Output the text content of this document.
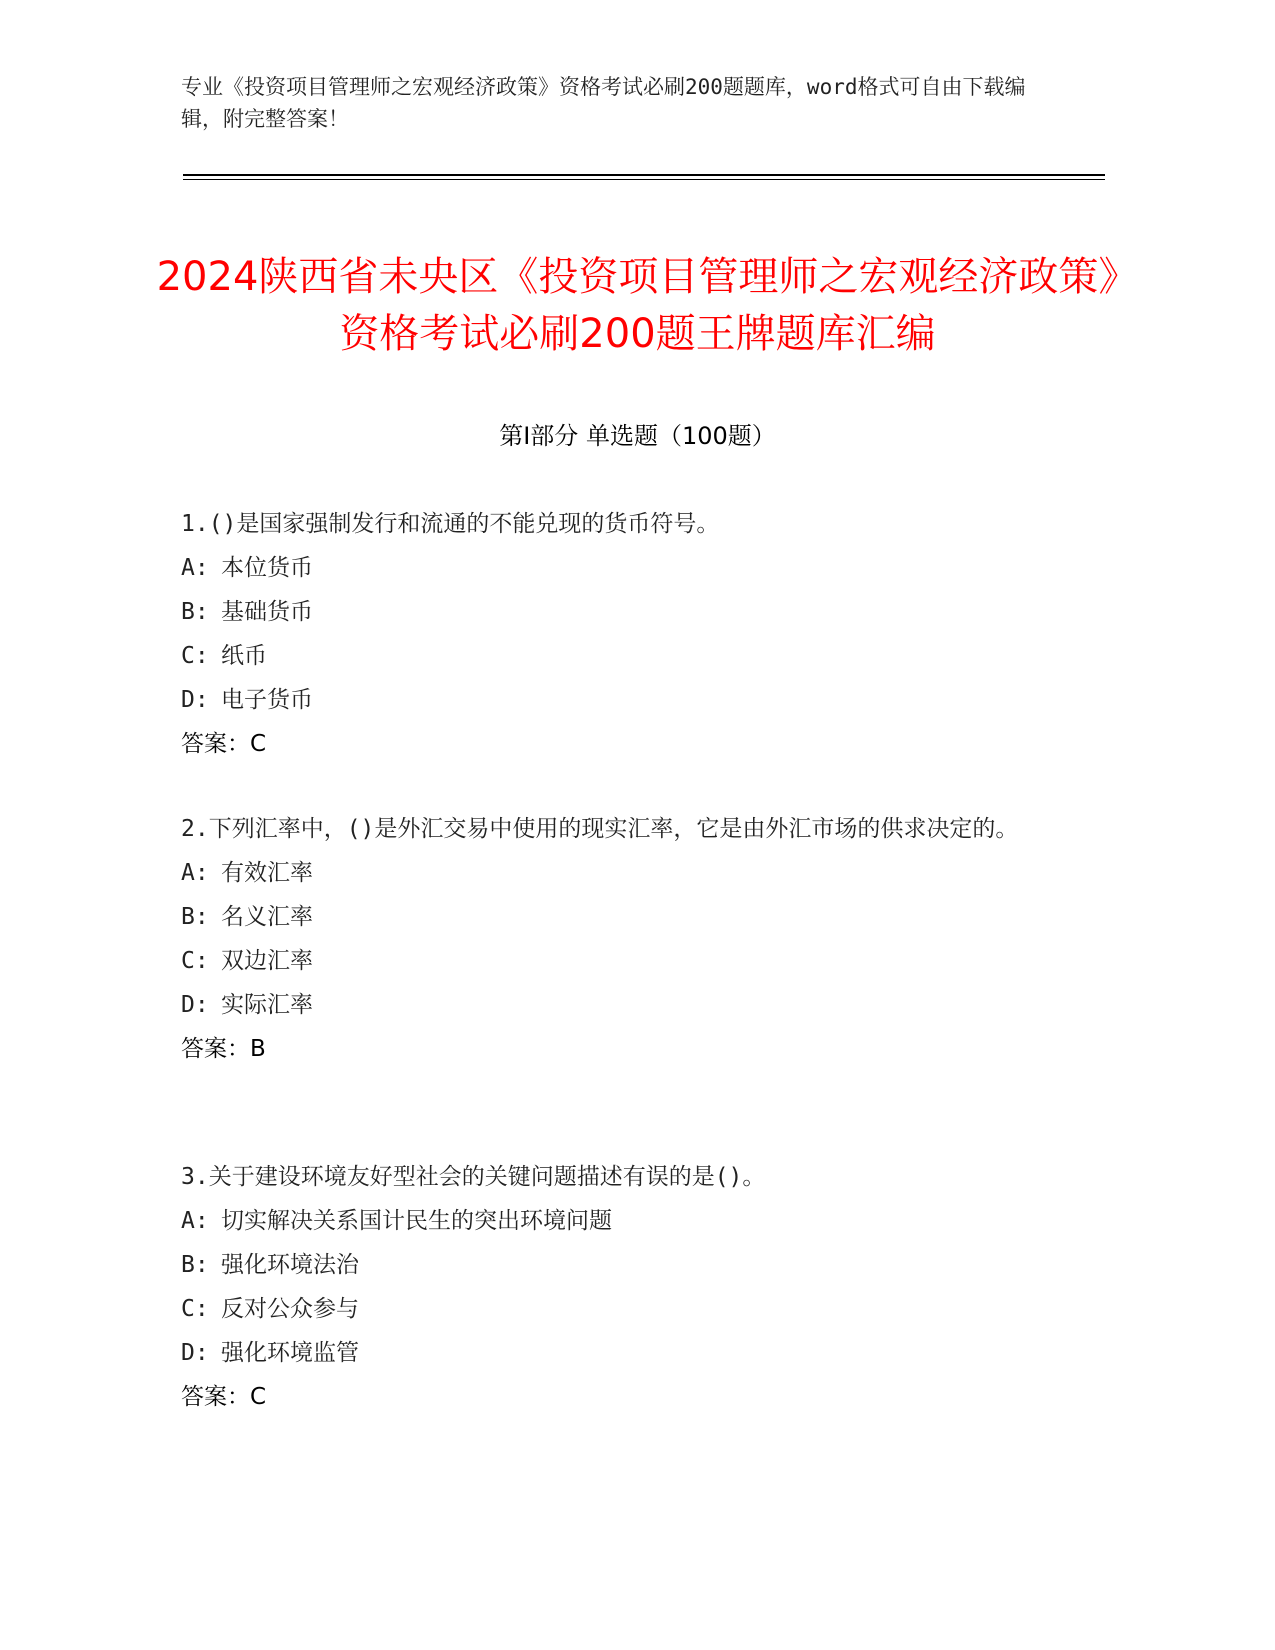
专业《投资项目管理师之宏观经济政策》资格考试必刷200题题库，word格式可自由下载编辑，附完整答案！
2024陕西省未央区《投资项目管理师之宏观经济政策》资格考试必刷200题王牌题库汇编
第Ⅰ部分 单选题（100题）
1.()是国家强制发行和流通的不能兑现的货币符号。
A: 本位货币
B: 基础货币
C: 纸币
D: 电子货币
答案：C
2.下列汇率中，()是外汇交易中使用的现实汇率，它是由外汇市场的供求决定的。
A: 有效汇率
B: 名义汇率
C: 双边汇率
D: 实际汇率
答案：B
3.关于建设环境友好型社会的关键问题描述有误的是()。
A: 切实解决关系国计民生的突出环境问题
B: 强化环境法治
C: 反对公众参与
D: 强化环境监管
答案：C
